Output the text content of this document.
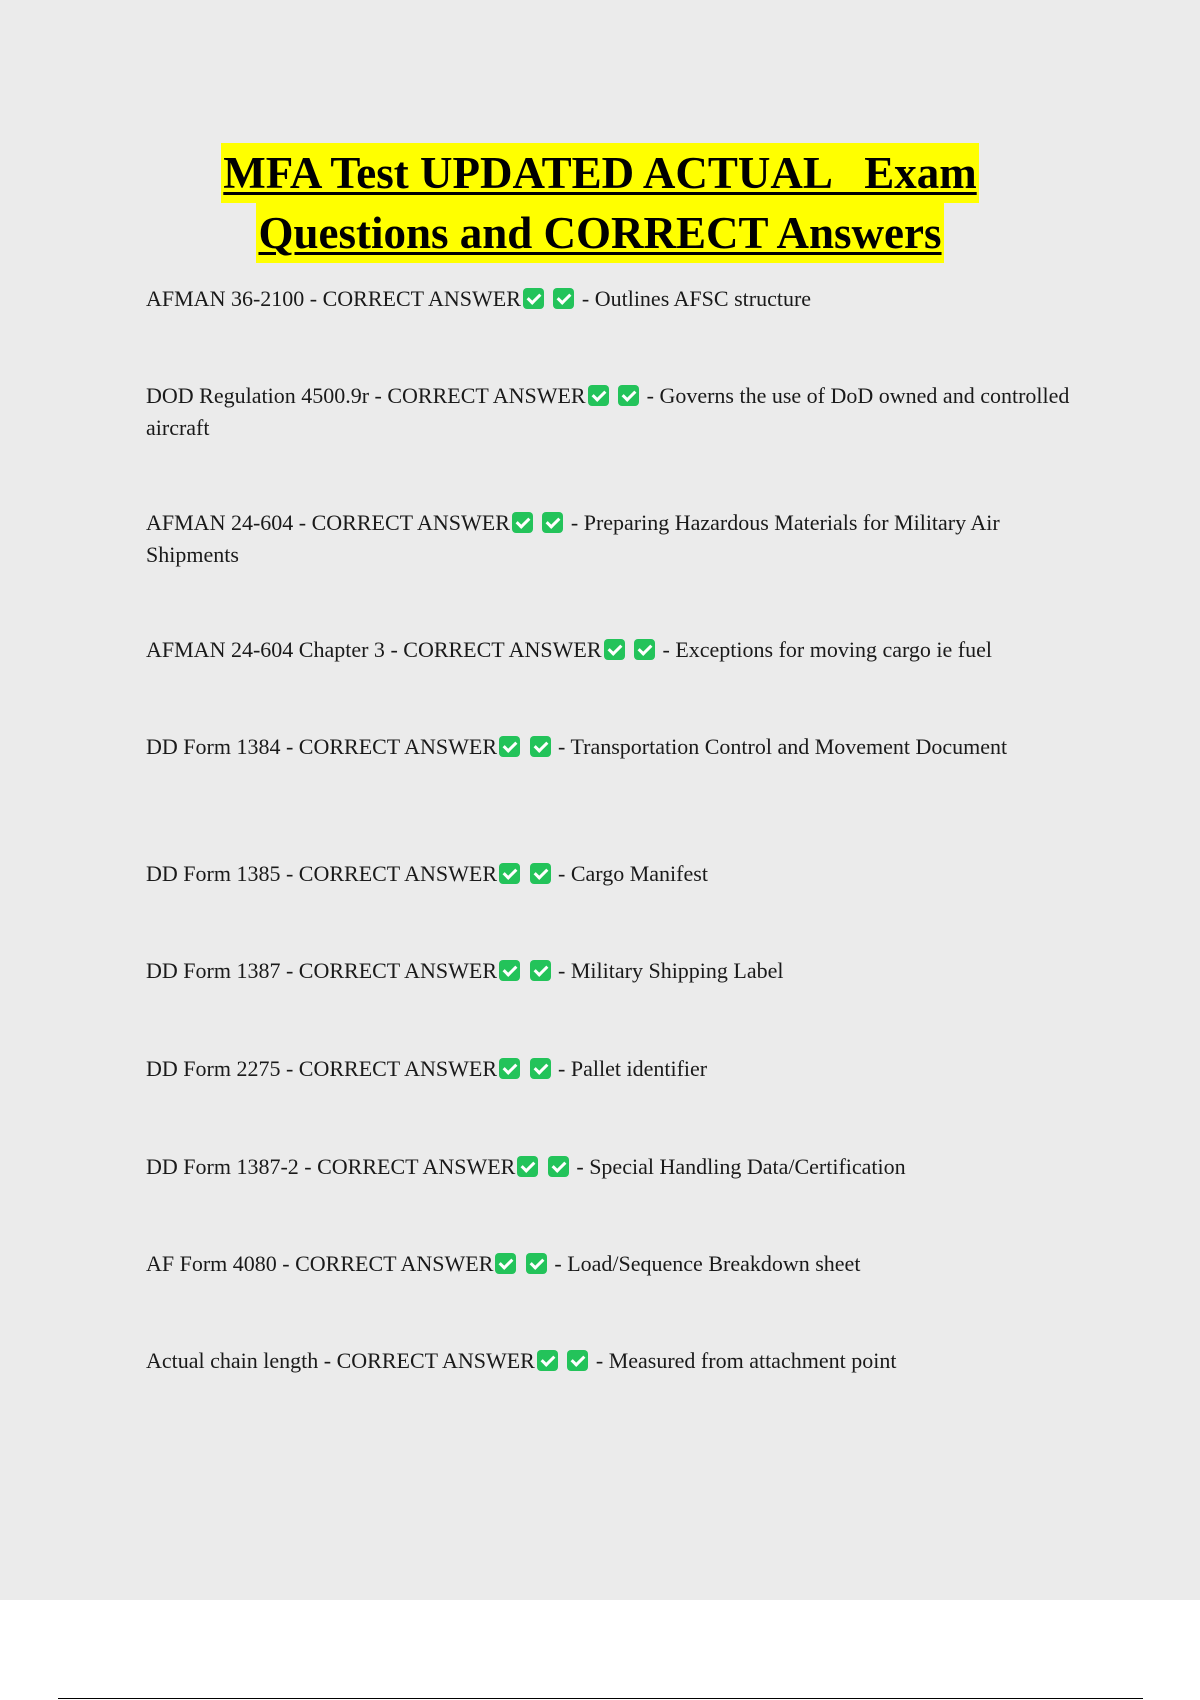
MFA Test UPDATED ACTUAL   Exam
Questions and CORRECT Answers
AFMAN 36-2100 - CORRECT ANSWER	- Outlines AFSC structure
DOD Regulation 4500.9r - CORRECT ANSWER	- Governs the use of DoD owned and controlled aircraft
AFMAN 24-604 - CORRECT ANSWER	- Preparing Hazardous Materials for Military Air Shipments
AFMAN 24-604 Chapter 3 - CORRECT ANSWER	- Exceptions for moving cargo ie fuel
DD Form 1384 - CORRECT ANSWER	- Transportation Control and Movement Document
DD Form 1385 - CORRECT ANSWER	- Cargo Manifest
DD Form 1387 - CORRECT ANSWER	- Military Shipping Label
DD Form 2275 - CORRECT ANSWER	- Pallet identifier
DD Form 1387-2 - CORRECT ANSWER	- Special Handling Data/Certification
AF Form 4080 - CORRECT ANSWER	- Load/Sequence Breakdown sheet
Actual chain length - CORRECT ANSWER	- Measured from attachment point
